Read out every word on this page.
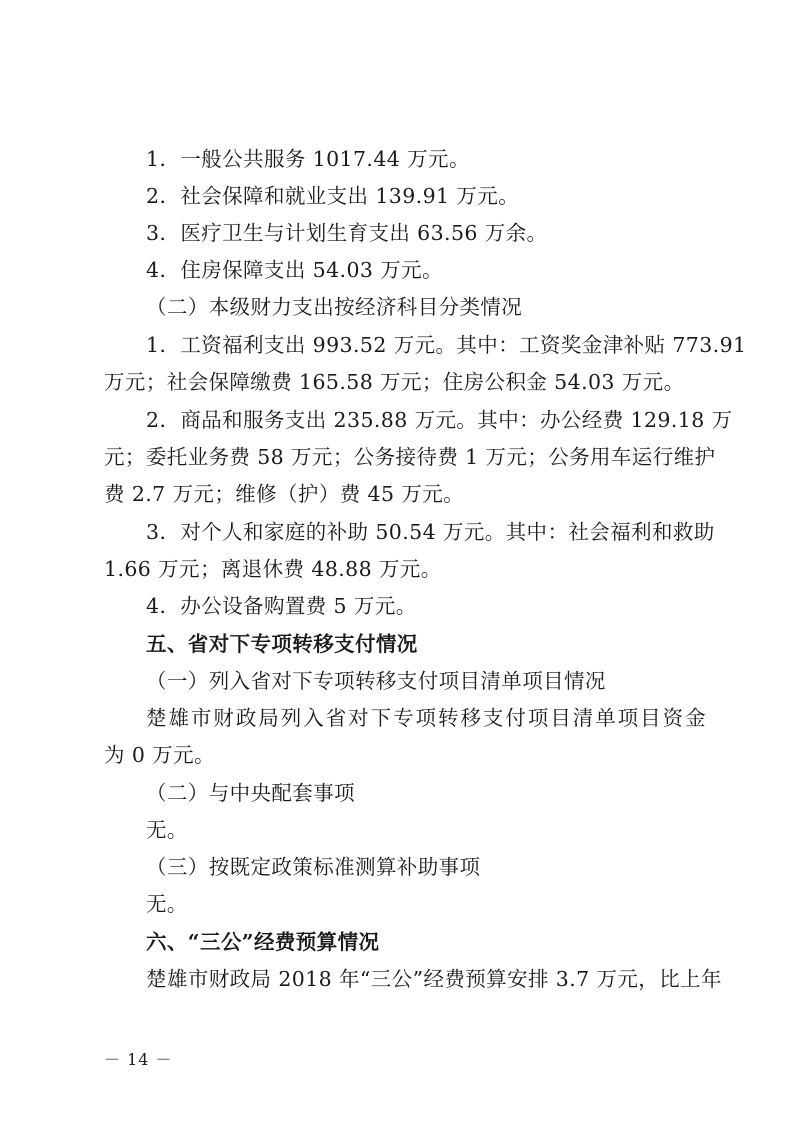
1．一般公共服务 1017.44 万元。
2．社会保障和就业支出 139.91 万元。
3．医疗卫生与计划生育支出 63.56 万余。
4．住房保障支出 54.03 万元。
（二）本级财力支出按经济科目分类情况
1．工资福利支出 993.52 万元。其中：工资奖金津补贴 773.91
万元；社会保障缴费 165.58 万元；住房公积金 54.03 万元。
2．商品和服务支出 235.88 万元。其中：办公经费 129.18 万
元；委托业务费 58 万元；公务接待费 1 万元；公务用车运行维护
费 2.7 万元；维修（护）费 45 万元。
3．对个人和家庭的补助 50.54 万元。其中：社会福利和救助
1.66 万元；离退休费 48.88 万元。
4．办公设备购置费 5 万元。
五、省对下专项转移支付情况
（一）列入省对下专项转移支付项目清单项目情况
楚雄市财政局列入省对下专项转移支付项目清单项目资金
为 0 万元。
（二）与中央配套事项
无。
（三）按既定政策标准测算补助事项
无。
六、“三公”经费预算情况
楚雄市财政局 2018 年“三公”经费预算安排 3.7 万元，比上年
－ 14 －
